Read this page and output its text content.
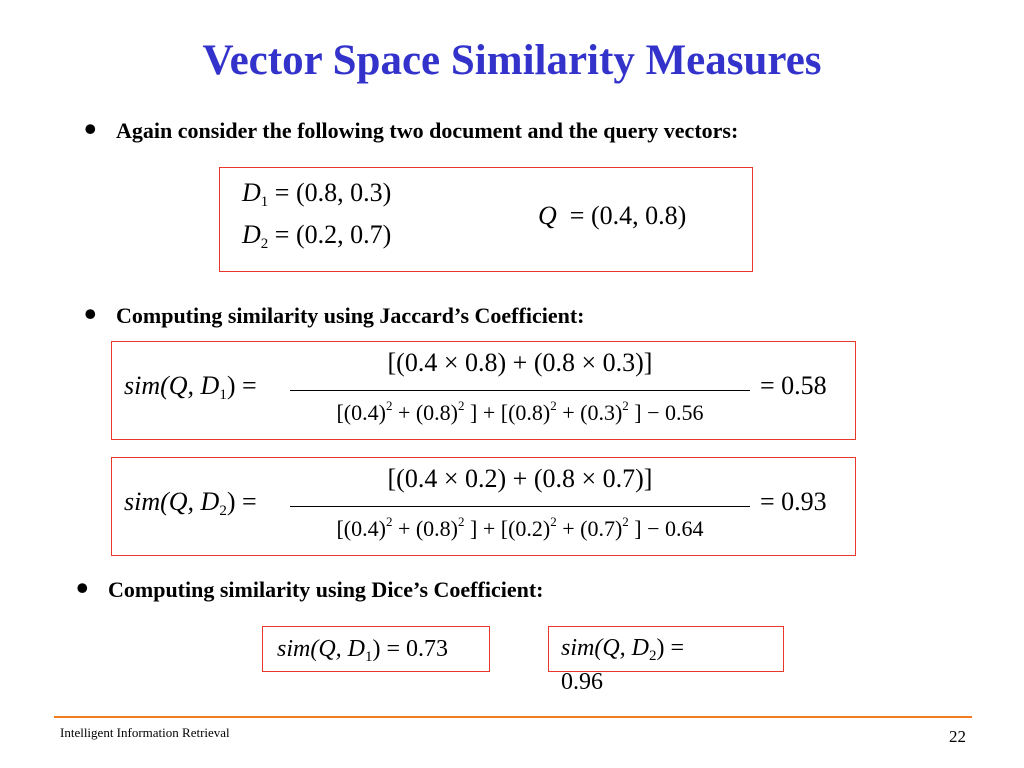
Vector Space Similarity Measures
• Again consider the following two document and the query vectors:
$D_1 = (0.8$, 0.3)
$D_2 = (0.2$, 0.7)
Q  = (0.4, 0.8)
• Computing similarity using Jaccard’s Coefficient:
sim(Q, $D_1$) =
[(0.4 × 0.8) + (0.8 × 0.3)]
[$(0.4)^2 + (0.8)^2$ ] + [$(0.8)^2 + (0.3)^2$ ] − 0.56
= 0.58
sim(Q, $D_2$) =
[(0.4 × 0.2) + (0.8 × 0.7)]
[$(0.4)^2 + (0.8)^2$ ] + [$(0.2)^2 + (0.7)^2$ ] − 0.64
= 0.93
• Computing similarity using Dice’s Coefficient:
sim(Q, $D_1) = 0.73$	sim(Q, $D_2$) =
0.96
Intelligent Information Retrieval	22
